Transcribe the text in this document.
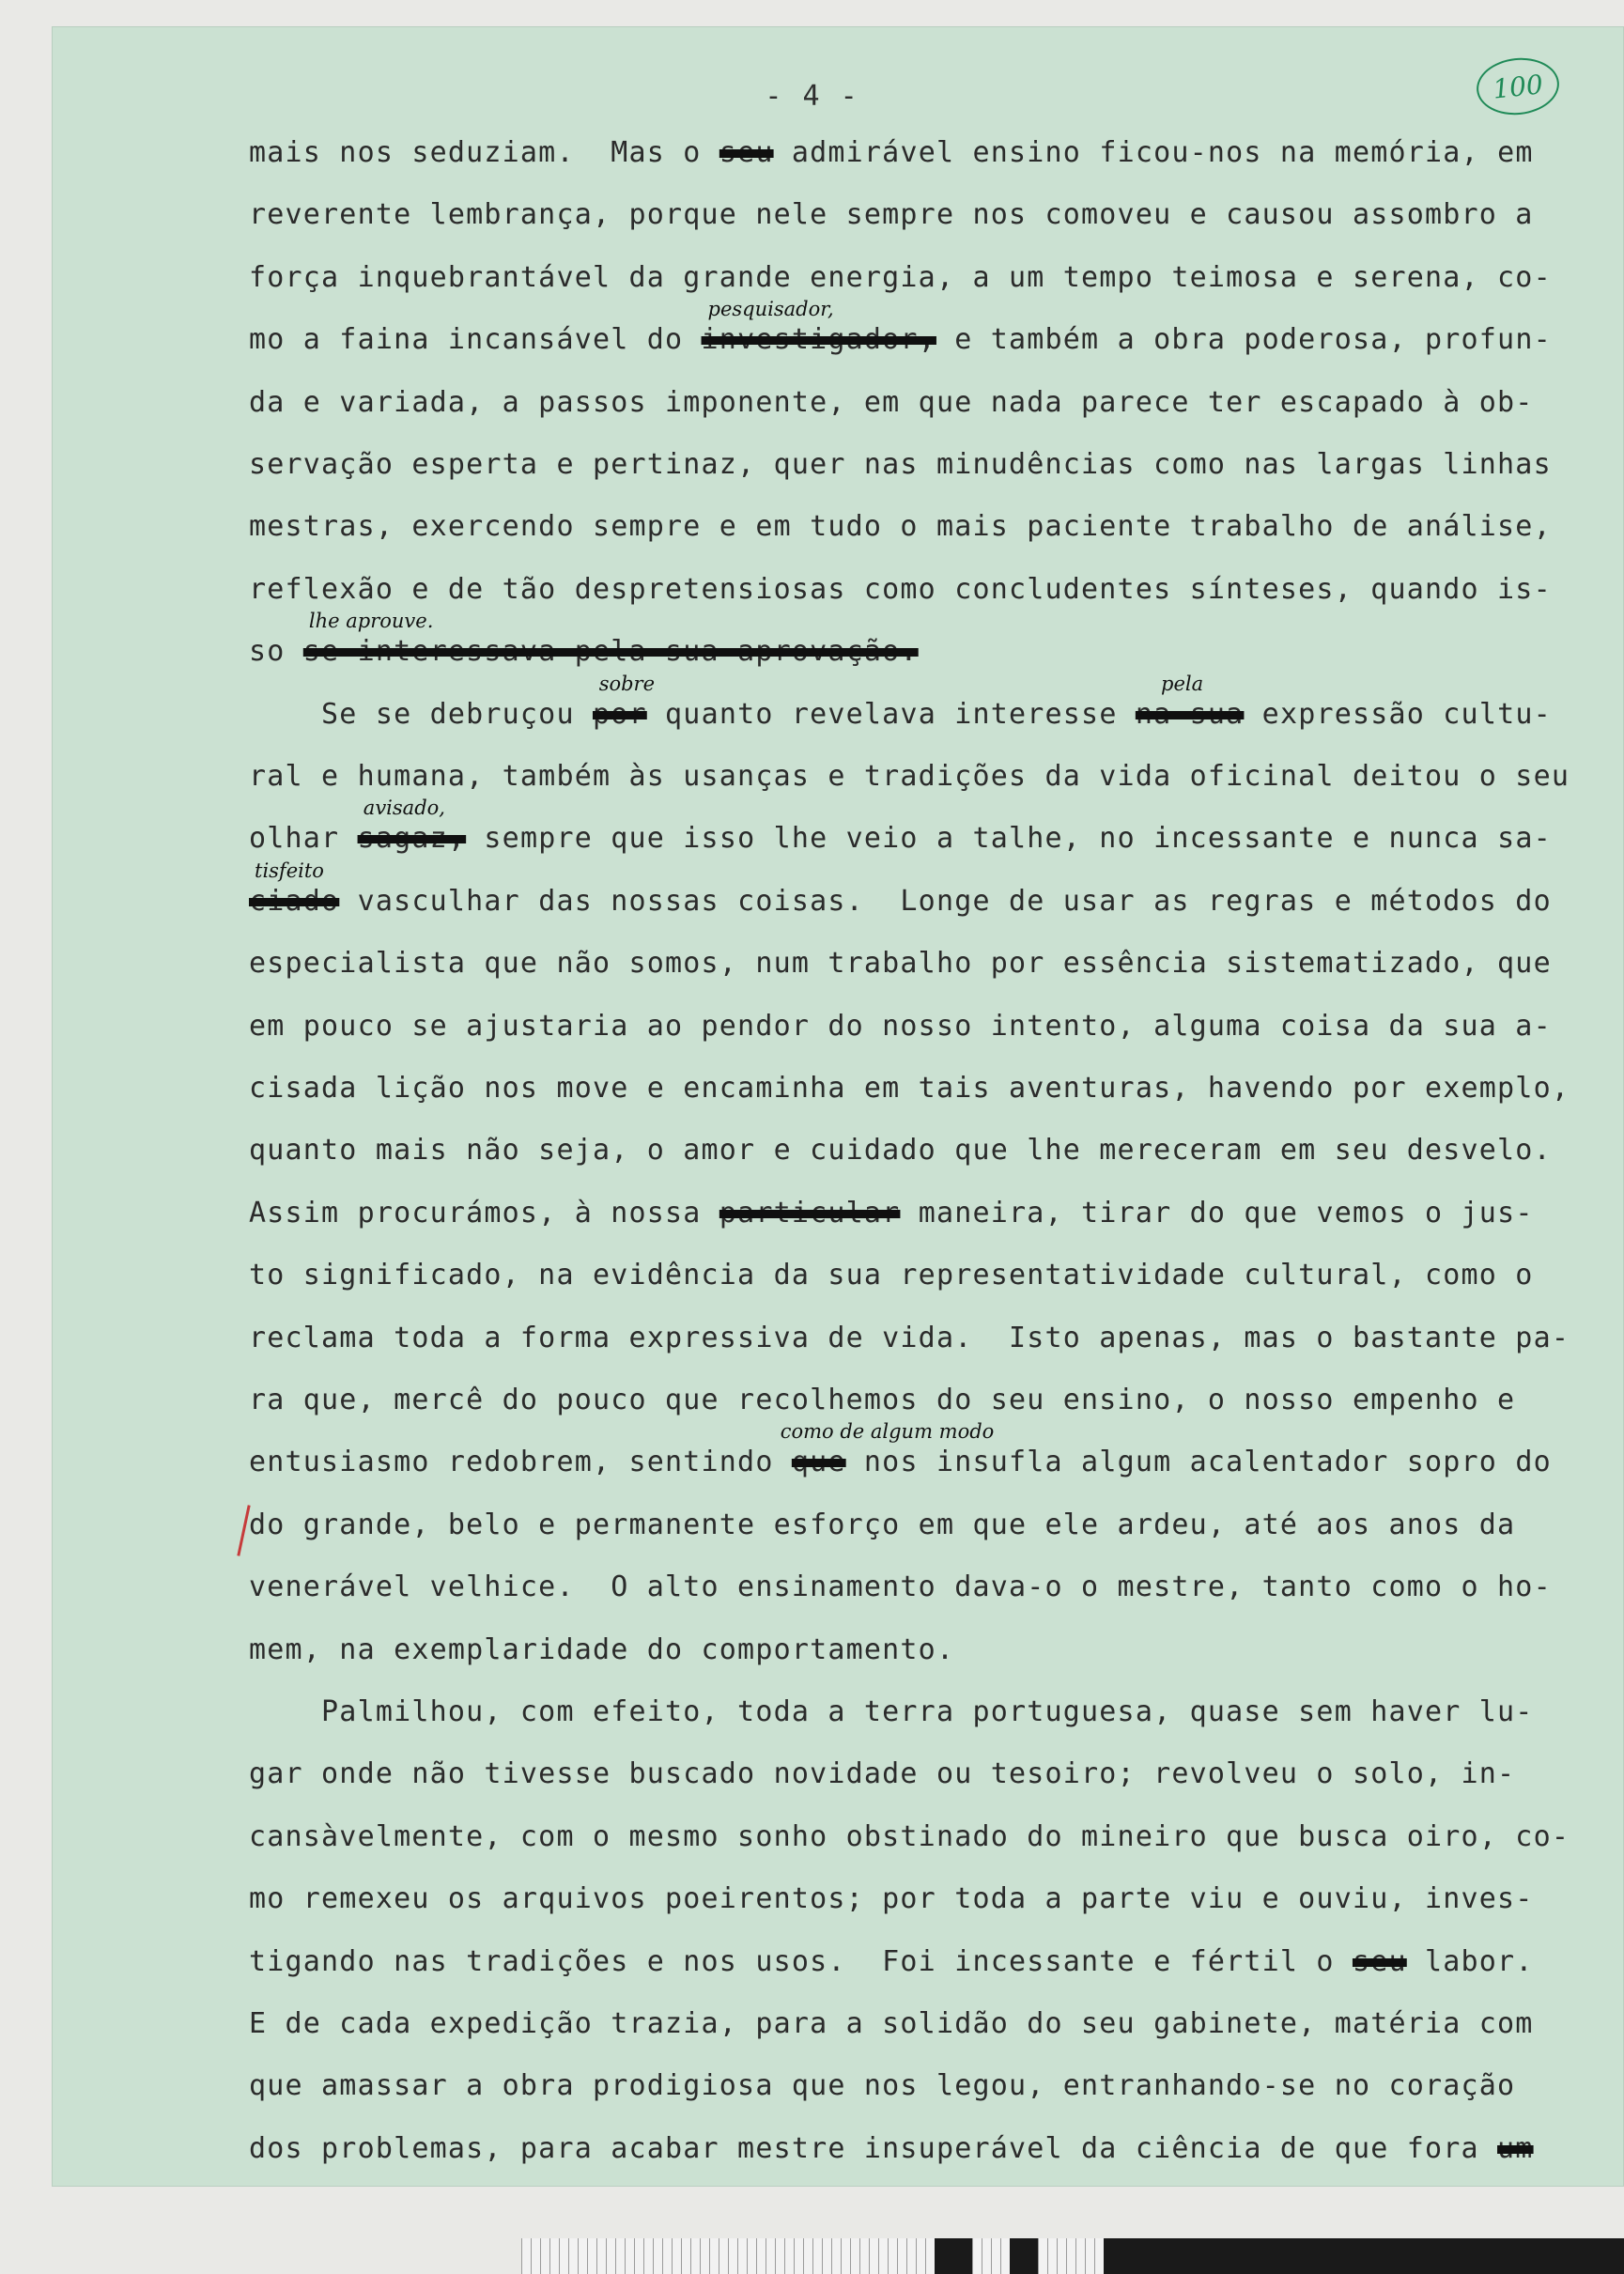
- 4 -	100
mais nos seduziam.  Mas o seu admirável ensino ficou-nos na memória, em
reverente lembrança, porque nele sempre nos comoveu e causou assombro a
força inquebrantável da grande energia, a um tempo teimosa e serena, co-
mo a faina incansável do investigador, e também a obra poderosa, profun-
da e variada, a passos imponente, em que nada parece ter escapado à ob-
servação esperta e pertinaz, quer nas minudências como nas largas linhas
mestras, exercendo sempre e em tudo o mais paciente trabalho de análise,
reflexão e de tão despretensiosas como concludentes sínteses, quando is-
so se interessava pela sua aprovação.
Se se debruçou por quanto revelava interesse na sua expressão cultu-
ral e humana, também às usanças e tradições da vida oficinal deitou o seu
olhar sagaz, sempre que isso lhe veio a talhe, no incessante e nunca sa-
ciado vasculhar das nossas coisas.  Longe de usar as regras e métodos do
especialista que não somos, num trabalho por essência sistematizado, que
em pouco se ajustaria ao pendor do nosso intento, alguma coisa da sua a-
cisada lição nos move e encaminha em tais aventuras, havendo por exemplo,
quanto mais não seja, o amor e cuidado que lhe mereceram em seu desvelo.
Assim procurámos, à nossa particular maneira, tirar do que vemos o jus-
to significado, na evidência da sua representatividade cultural, como o
reclama toda a forma expressiva de vida.  Isto apenas, mas o bastante pa-
ra que, mercê do pouco que recolhemos do seu ensino, o nosso empenho e
entusiasmo redobrem, sentindo que nos insufla algum acalentador sopro do
do grande, belo e permanente esforço em que ele ardeu, até aos anos da
venerável velhice.  O alto ensinamento dava-o o mestre, tanto como o ho-
mem, na exemplaridade do comportamento.
Palmilhou, com efeito, toda a terra portuguesa, quase sem haver lu-
gar onde não tivesse buscado novidade ou tesoiro; revolveu o solo, in-
cansàvelmente, com o mesmo sonho obstinado do mineiro que busca oiro, co-
mo remexeu os arquivos poeirentos; por toda a parte viu e ouviu, inves-
tigando nas tradições e nos usos.  Foi incessante e fértil o seu labor.
E de cada expedição trazia, para a solidão do seu gabinete, matéria com
que amassar a obra prodigiosa que nos legou, entranhando-se no coração
dos problemas, para acabar mestre insuperável da ciência de que fora um
pesquisador,
lhe aprouve.
sobre	pela
avisado,
tisfeito
como de algum modo
